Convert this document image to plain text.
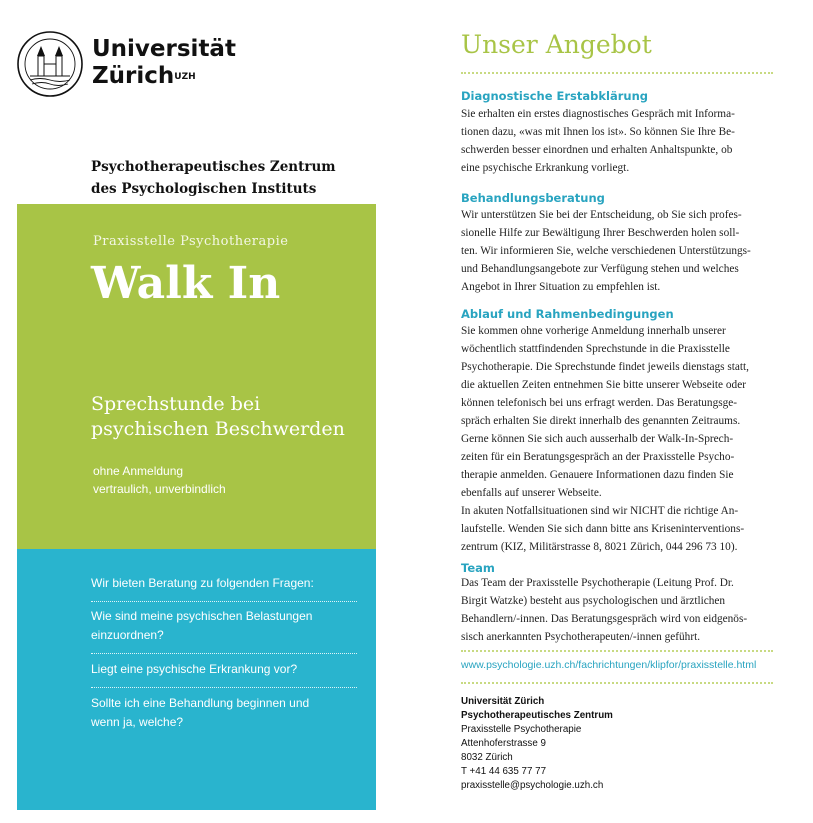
Universität
Zürich$^{UZH}$
Psychotherapeutisches Zentrum
des Psychologischen Instituts
Praxisstelle Psychotherapie
Walk In
Sprechstunde bei
psychischen Beschwerden
ohne Anmeldung
vertraulich, unverbindlich
Wir bieten Beratung zu folgenden Fragen:
Wie sind meine psychischen Belastungen
einzuordnen?
Liegt eine psychische Erkrankung vor?
Sollte ich eine Behandlung beginnen und
wenn ja, welche?
Unser Angebot
Diagnostische Erstabklärung

Sie erhalten ein erstes diagnostisches Gespräch mit Informa-

tionen dazu, «was mit Ihnen los ist». So können Sie Ihre Be-

schwerden besser einordnen und erhalten Anhaltspunkte, ob

eine psychische Erkrankung vorliegt.

Behandlungsberatung

Wir unterstützen Sie bei der Entscheidung, ob Sie sich profes-

sionelle Hilfe zur Bewältigung Ihrer Beschwerden holen soll-

ten. Wir informieren Sie, welche verschiedenen Unterstützungs-

und Behandlungsangebote zur Verfügung stehen und welches

Angebot in Ihrer Situation zu empfehlen ist.

Ablauf und Rahmenbedingungen

Sie kommen ohne vorherige Anmeldung innerhalb unserer

wöchentlich stattfindenden Sprechstunde in die Praxisstelle

Psychotherapie. Die Sprechstunde findet jeweils dienstags statt,

die aktuellen Zeiten entnehmen Sie bitte unserer Webseite oder

können telefonisch bei uns erfragt werden. Das Beratungsge-

spräch erhalten Sie direkt innerhalb des genannten Zeitraums.

Gerne können Sie sich auch ausserhalb der Walk-In-Sprech-

zeiten für ein Beratungsgespräch an der Praxisstelle Psycho-

therapie anmelden. Genauere Informationen dazu finden Sie

ebenfalls auf unserer Webseite.

In akuten Notfallsituationen sind wir NICHT die richtige An-

laufstelle. Wenden Sie sich dann bitte ans Kriseninterventions-

zentrum (KIZ, Militärstrasse 8, 8021 Zürich, 044 296 73 10).

Team

Das Team der Praxisstelle Psychotherapie (Leitung Prof. Dr.

Birgit Watzke) besteht aus psychologischen und ärztlichen

Behandlern/-innen. Das Beratungsgespräch wird von eidgenös-

sisch anerkannten Psychotherapeuten/-innen geführt.

www.psychologie.uzh.ch/fachrichtungen/klipfor/praxisstelle.html
Universität Zürich
Psychotherapeutisches Zentrum
Praxisstelle Psychotherapie
Attenhoferstrasse 9
8032 Zürich
T +41 44 635 77 77
praxisstelle@psychologie.uzh.ch
